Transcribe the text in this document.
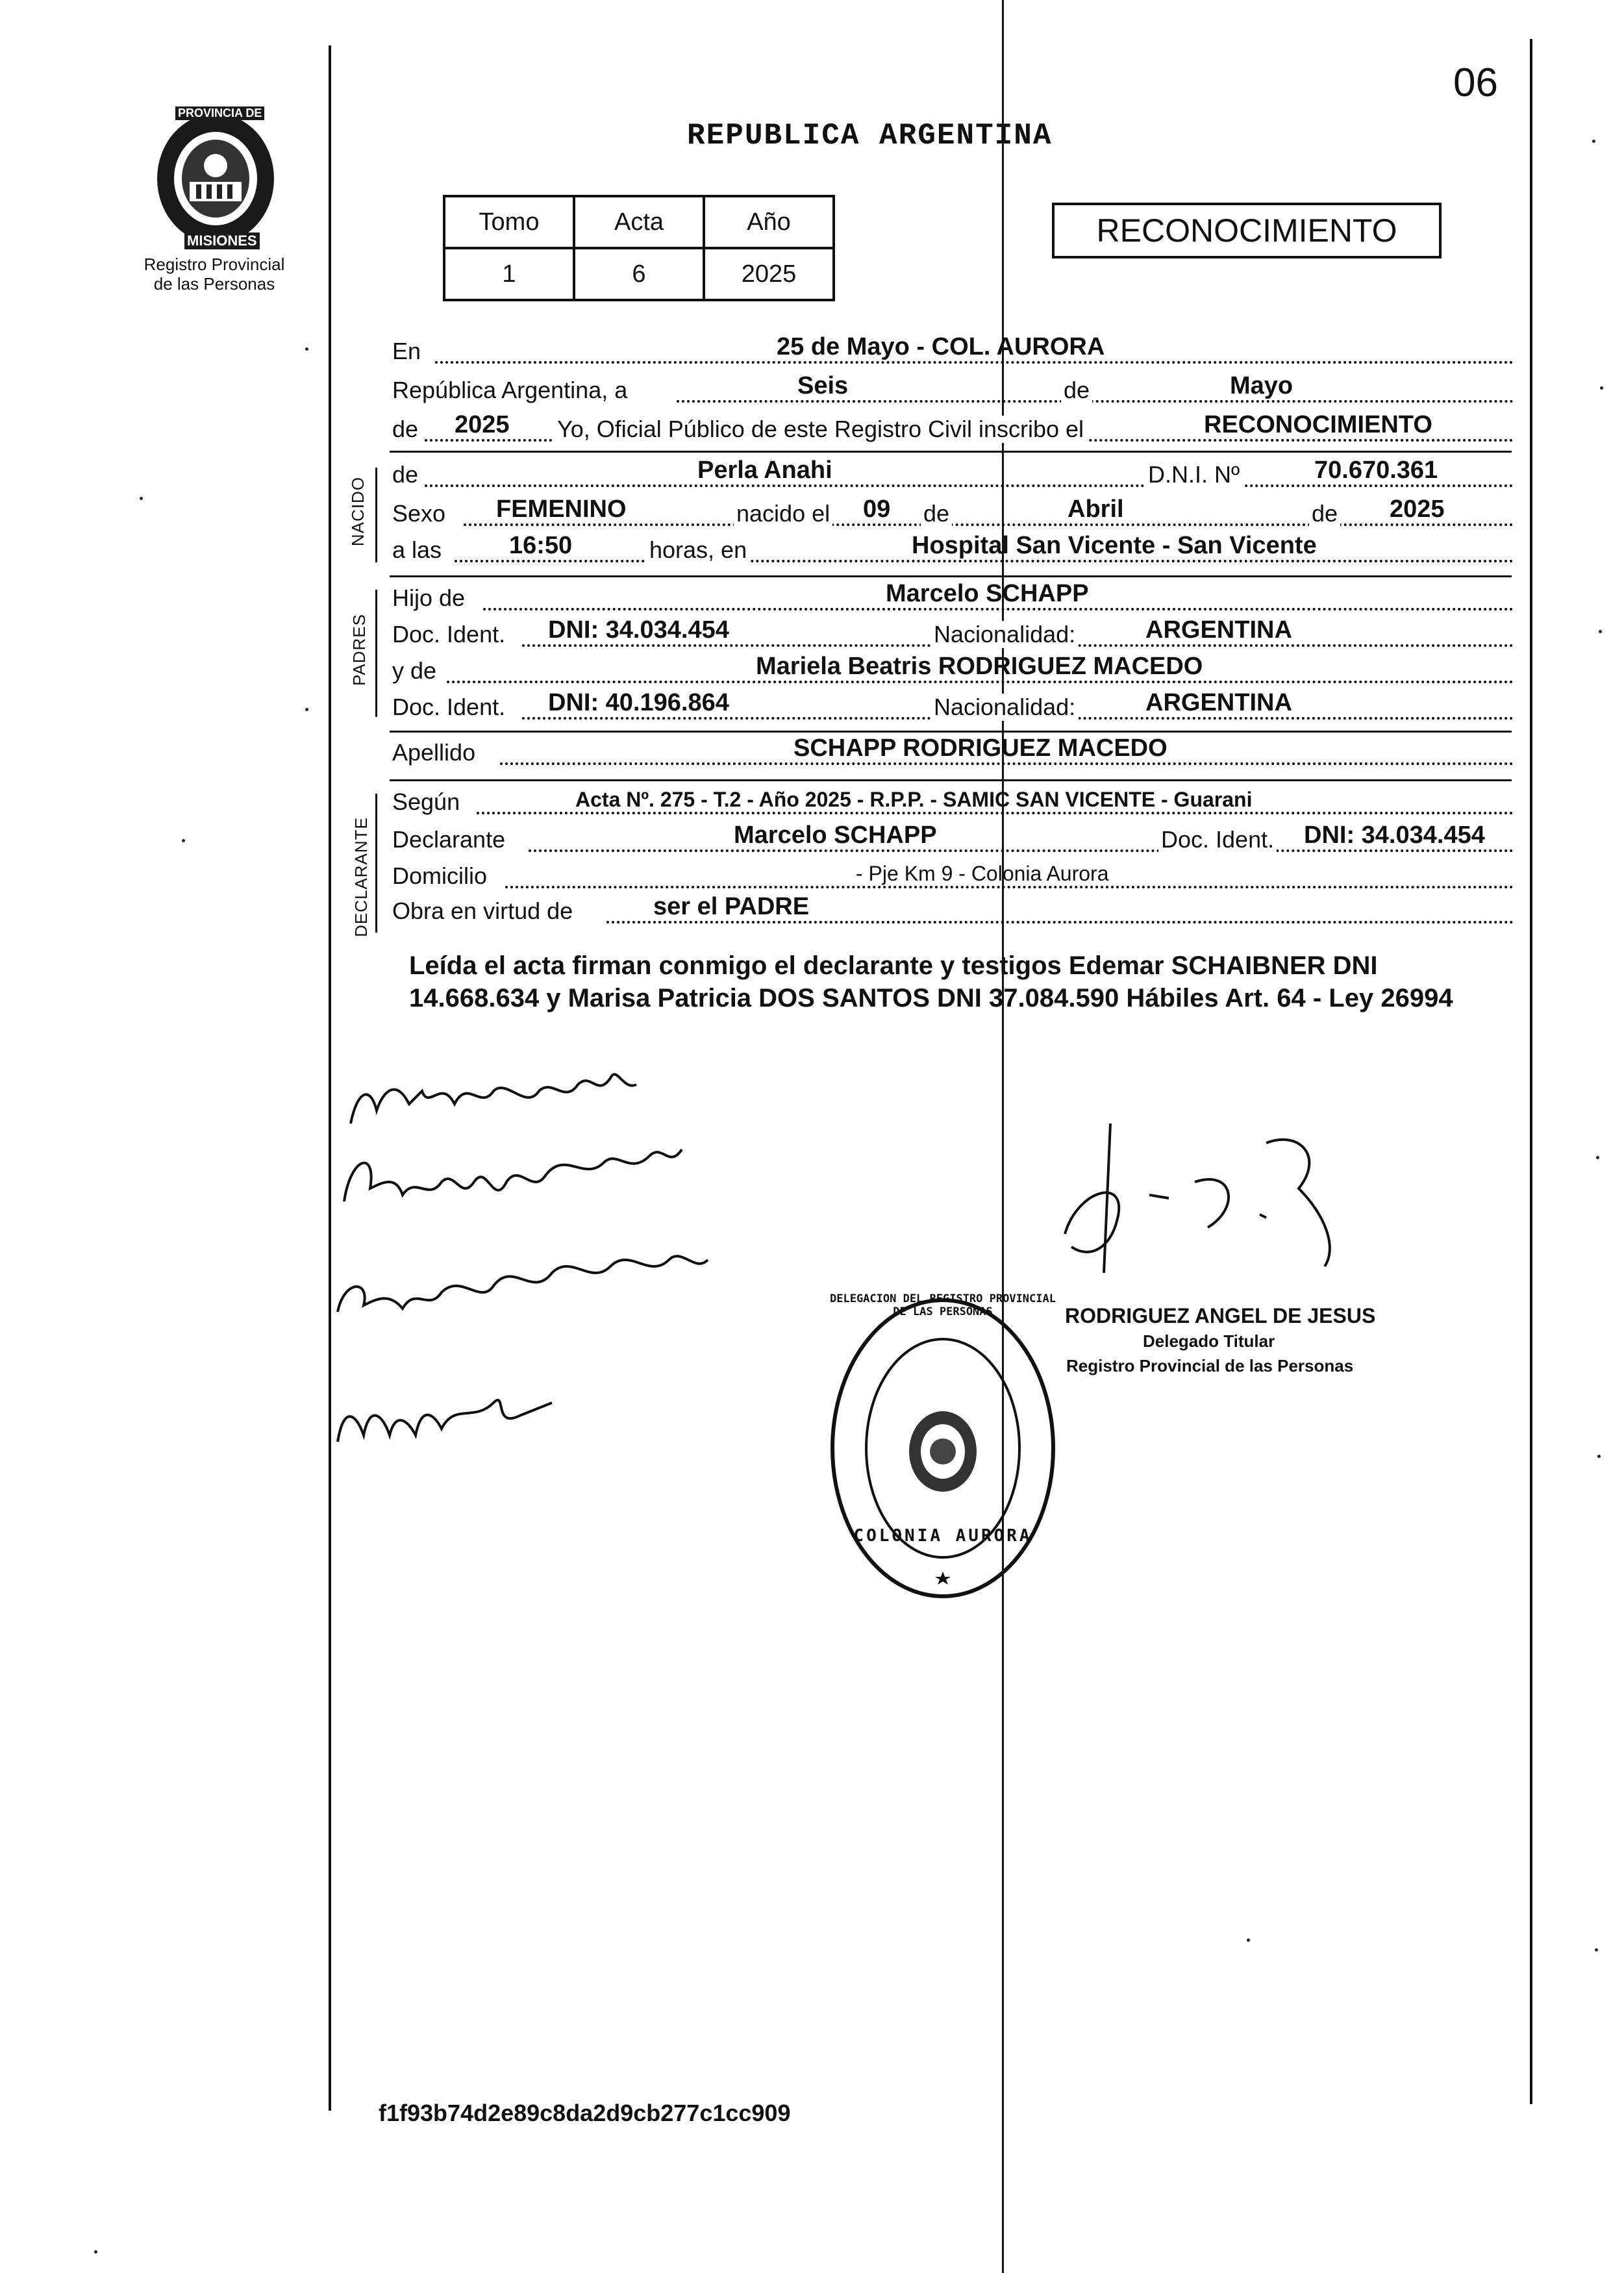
06
PROVINCIA DE
MISIONES
Registro Provincial
de las Personas
REPUBLICA ARGENTINA
Tomo	Acta	Año
1	6	2025
RECONOCIMIENTO
En	25 de Mayo - COL. AURORA
República Argentina, a	Seis	de	Mayo
de 2025 Yo, Oficial Público de este Registro Civil inscribo el	RECONOCIMIENTO
NACIDO
de	Perla Anahi	D.N.I. Nº	70.670.361
Sexo FEMENINO	nacido el 09 de	Abril	de 2025
a las	16:50	horas, en	Hospital San Vicente - San Vicente
PADRES
Hijo de	Marcelo SCHAPP
Doc. Ident. DNI: 34.034.454	Nacionalidad:	ARGENTINA
y de	Mariela Beatris RODRIGUEZ MACEDO
Doc. Ident. DNI: 40.196.864	Nacionalidad:	ARGENTINA
Apellido	SCHAPP RODRIGUEZ MACEDO
DECLARANTE
Según	Acta Nº. 275 - T.2 - Año 2025 - R.P.P. - SAMIC SAN VICENTE - Guarani
Declarante	Marcelo SCHAPP	Doc. Ident. DNI: 34.034.454
Domicilio	- Pje Km 9 - Colonia Aurora
Obra en virtud de	ser el PADRE
Leída el acta firman conmigo el declarante y testigos Edemar SCHAIBNER DNI 14.668.634 y Marisa Patricia DOS SANTOS DNI 37.084.590 Hábiles Art. 64 - Ley 26994
RODRIGUEZ ANGEL DE JESUS
Delegado Titular
Registro Provincial de las Personas
DELEGACION DEL REGISTRO PROVINCIAL DE LAS PERSONAS
COLONIA AURORA
f1f93b74d2e89c8da2d9cb277c1cc909
